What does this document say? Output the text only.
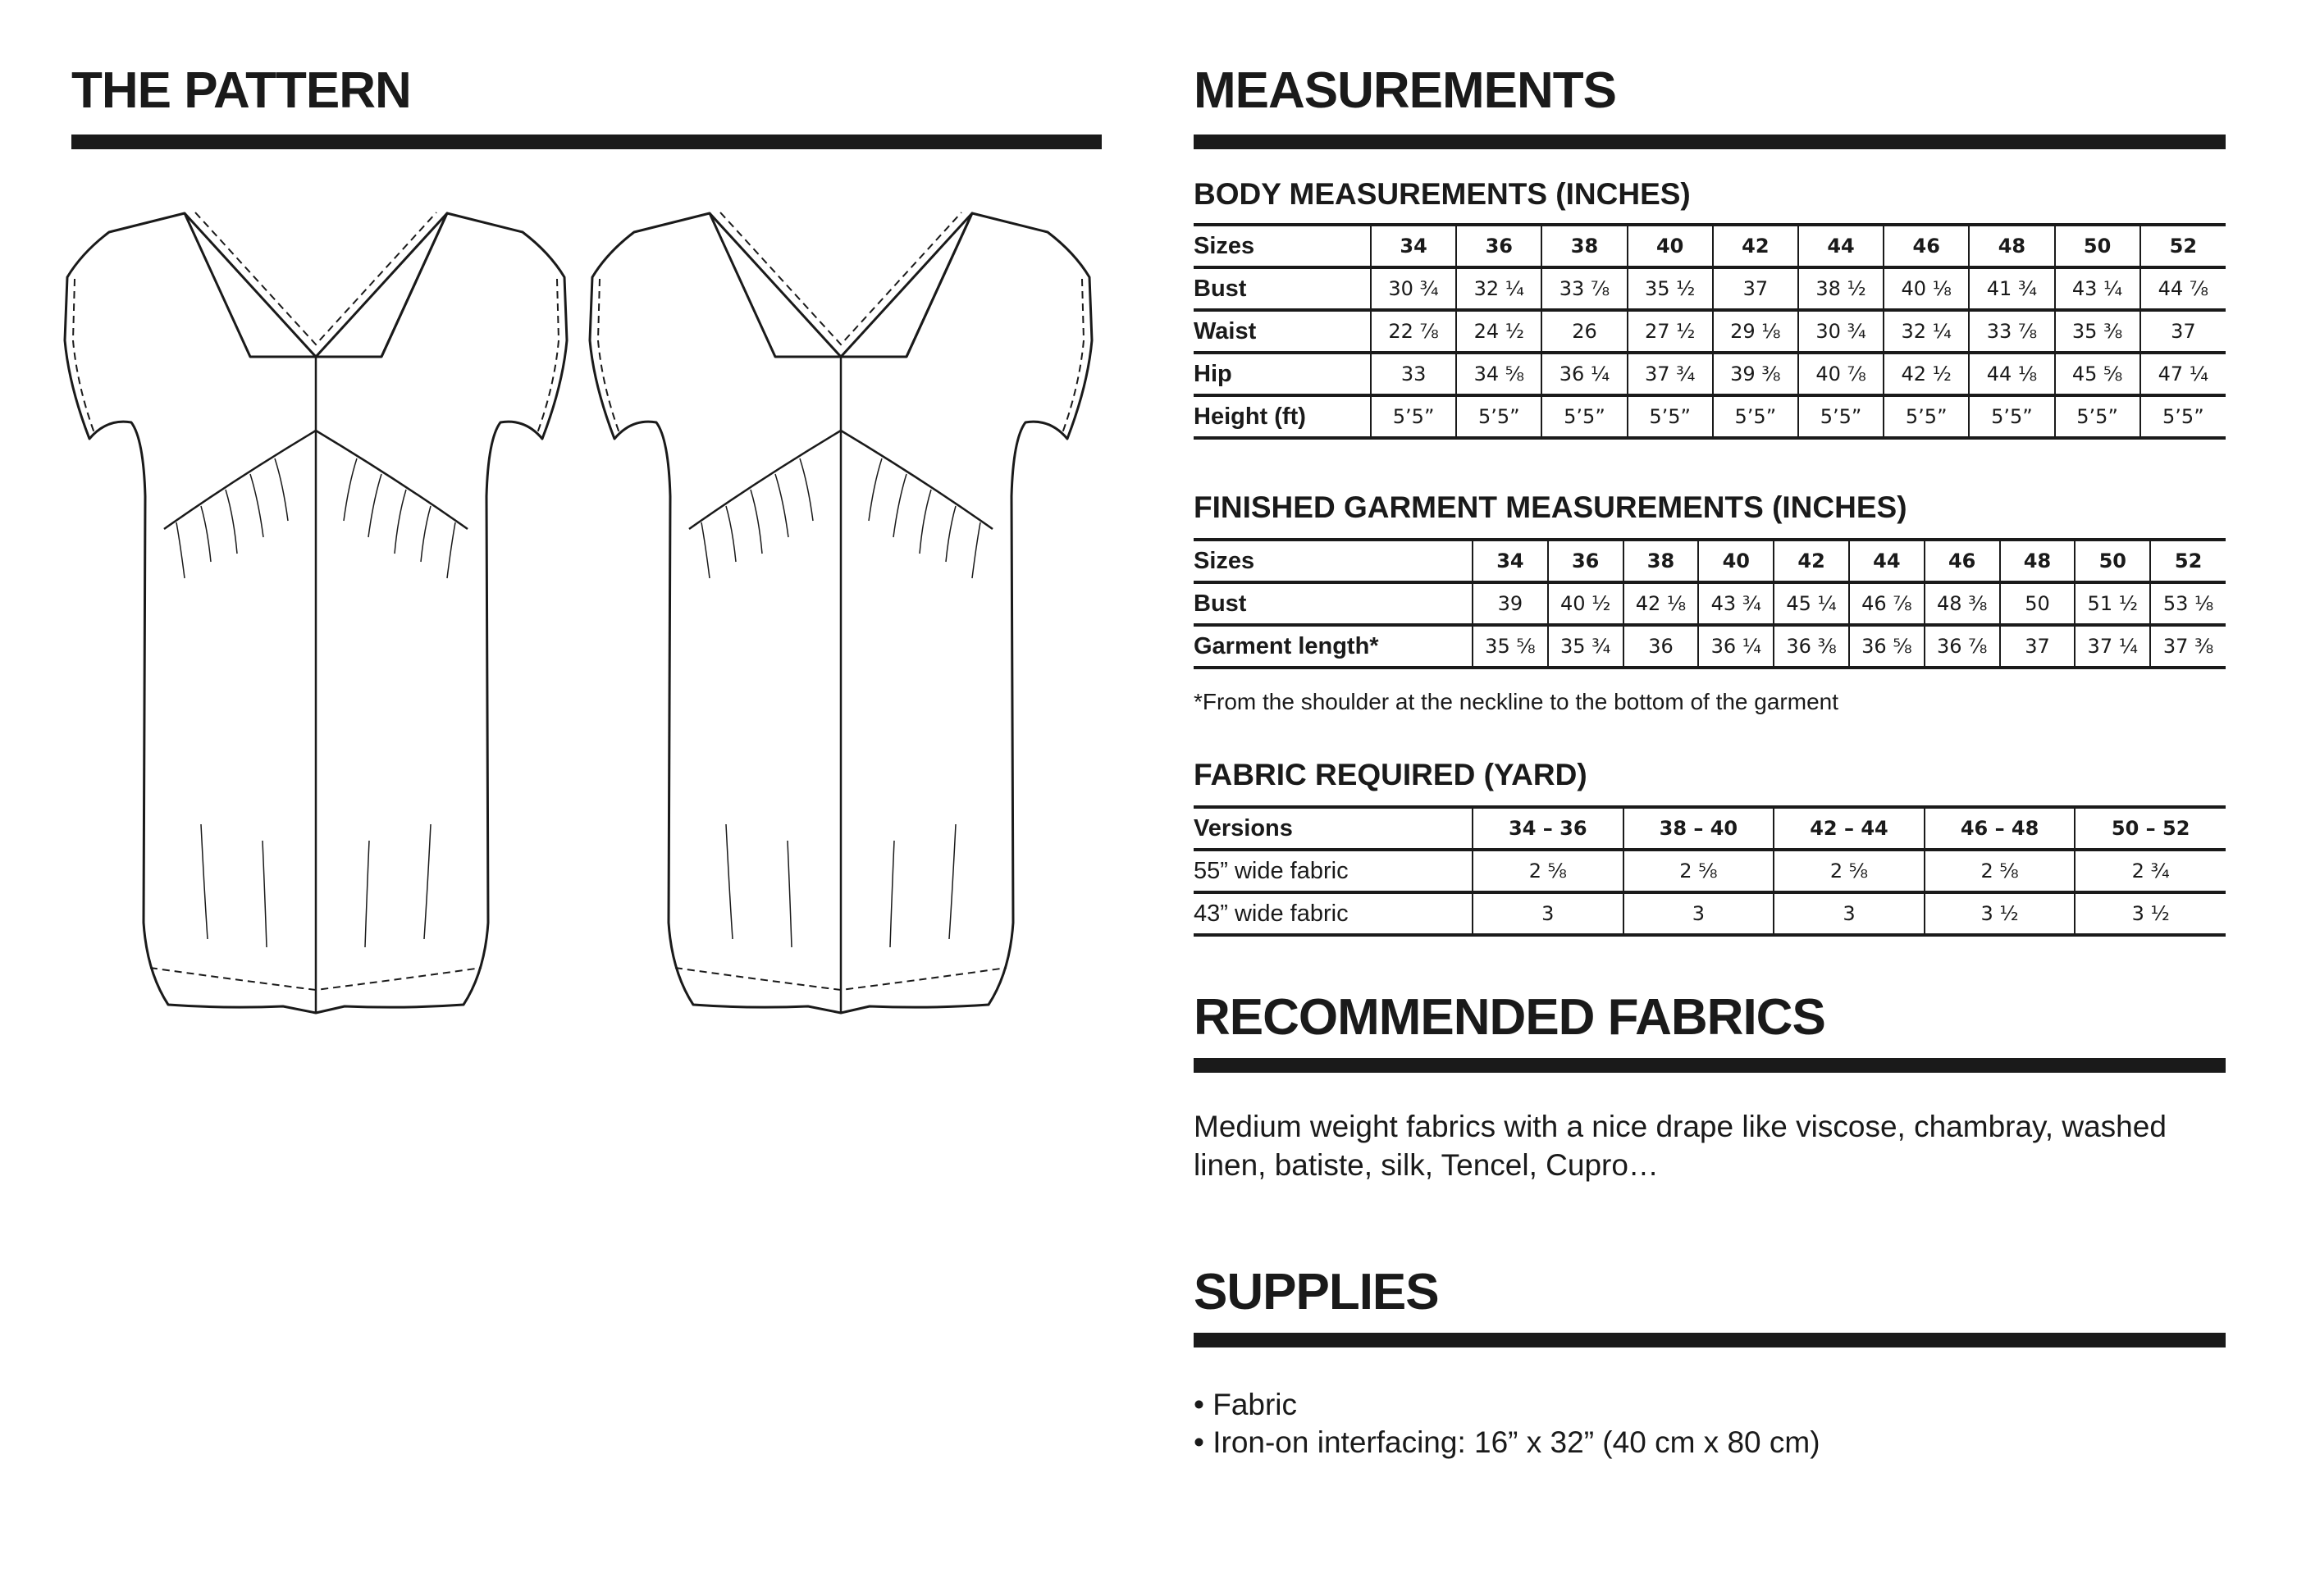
THE PATTERN	MEASUREMENTS
BODY MEASUREMENTS (INCHES)
Sizes	34	36	38	40	42	44	46	48	50	52
Bust	30 ¾	32 ¼	33 ⅞	35 ½	37	38 ½	40 ⅛	41 ¾	43 ¼	44 ⅞
Waist	22 ⅞	24 ½	26	27 ½	29 ⅛	30 ¾	32 ¼	33 ⅞	35 ⅜	37
Hip	33	34 ⅝	36 ¼	37 ¾	39 ⅜	40 ⅞	42 ½	44 ⅛	45 ⅝	47 ¼
Height (ft)	5’5”	5’5”	5’5”	5’5”	5’5”	5’5”	5’5”	5’5”	5’5”	5’5”
FINISHED GARMENT MEASUREMENTS (INCHES)
Sizes	34	36	38	40	42	44	46	48	50	52
Bust	39	40 ½	42 ⅛	43 ¾	45 ¼	46 ⅞	48 ⅜	50	51 ½	53 ⅛
Garment length*	35 ⅝	35 ¾	36	36 ¼	36 ⅜	36 ⅝	36 ⅞	37	37 ¼	37 ⅜
*From the shoulder at the neckline to the bottom of the garment
FABRIC REQUIRED (YARD)
Versions	34 – 36	38 – 40	42 – 44	46 – 48	50 – 52
55” wide fabric	2 ⅝	2 ⅝	2 ⅝	2 ⅝	2 ¾
43” wide fabric	3	3	3	3 ½	3 ½
RECOMMENDED FABRICS

Medium weight fabrics with a nice drape like viscose, chambray, washed linen, batiste, silk, Tencel, Cupro…

SUPPLIES
• Fabric
• Iron-on interfacing: 16” x 32” (40 cm x 80 cm)
